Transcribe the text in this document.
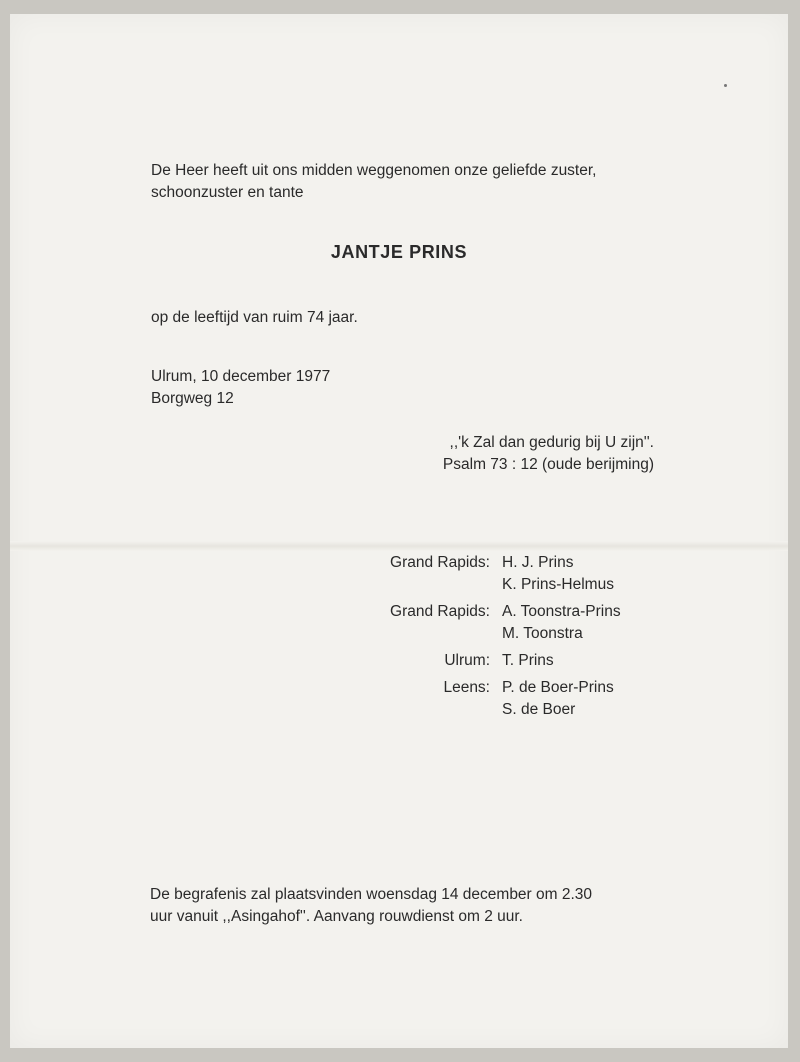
De Heer heeft uit ons midden weggenomen onze geliefde zuster,
schoonzuster en tante
JANTJE PRINS
op de leeftijd van ruim 74 jaar.
Ulrum, 10 december 1977
Borgweg 12
,,'k Zal dan gedurig bij U zijn''.
Psalm 73 : 12 (oude berijming)
Grand Rapids: H. J. Prins
K. Prins-Helmus
Grand Rapids: A. Toonstra-Prins
M. Toonstra
Ulrum: T. Prins
Leens: P. de Boer-Prins
S. de Boer
De begrafenis zal plaatsvinden woensdag 14 december om 2.30
uur vanuit ,,Asingahof''. Aanvang rouwdienst om 2 uur.
